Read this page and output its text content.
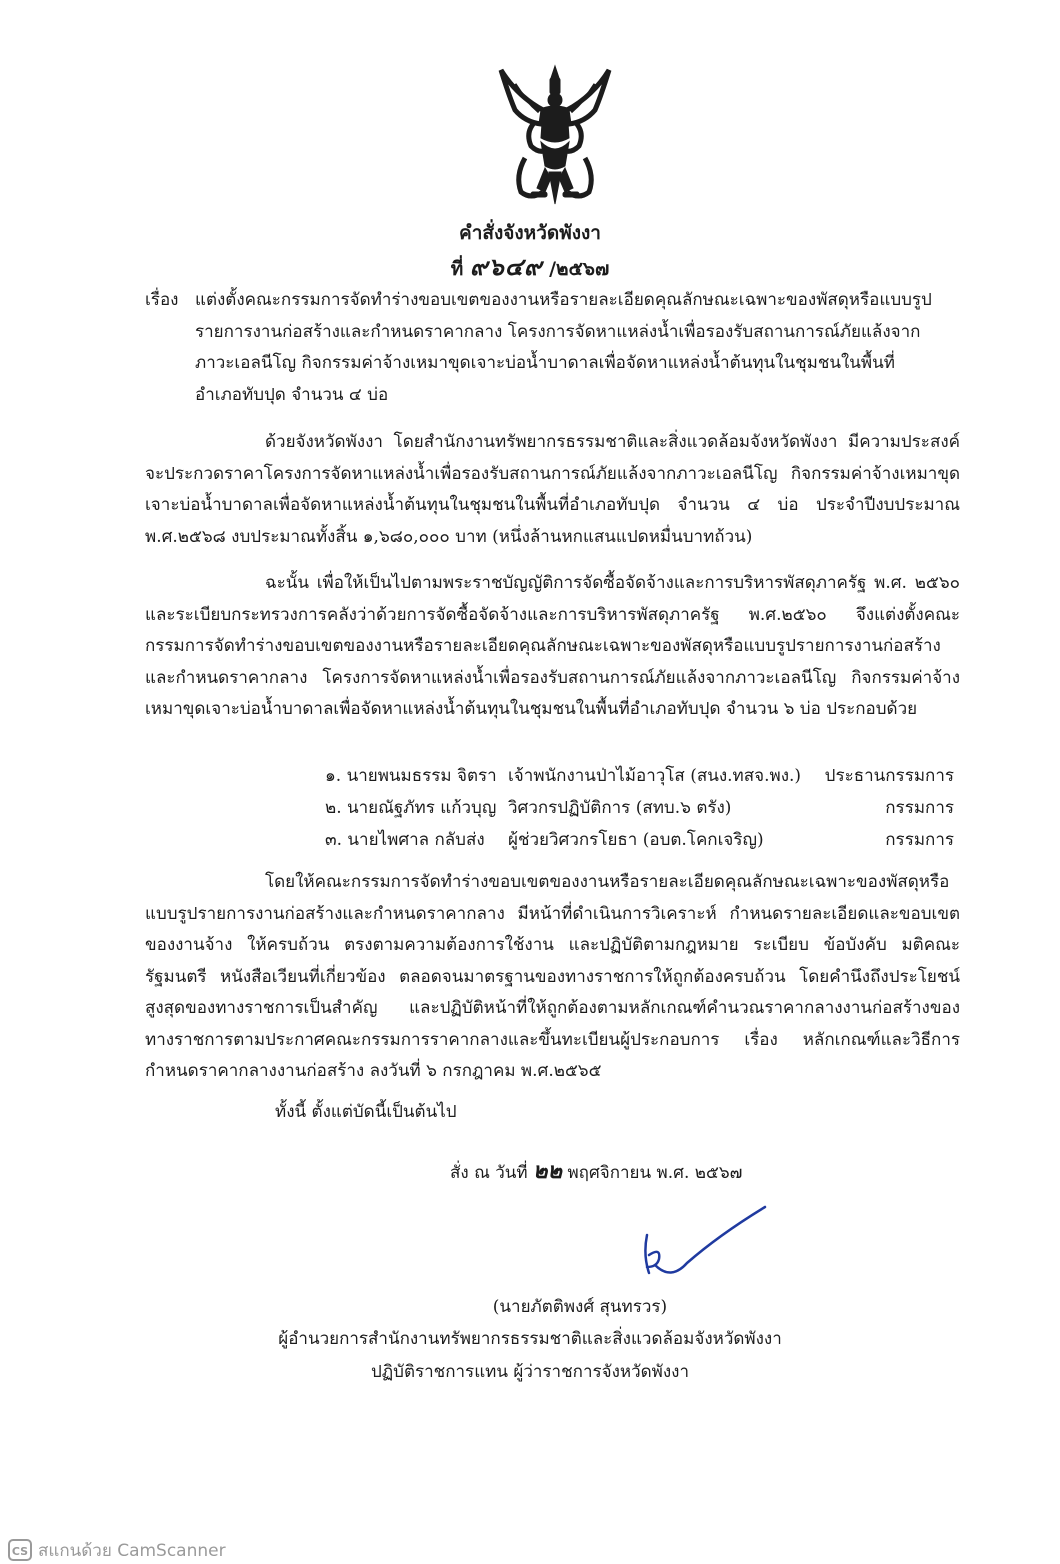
คำสั่งจังหวัดพังงา
ที่ ๙๖๔๙ /๒๕๖๗
เรื่อง แต่งตั้งคณะกรรมการจัดทำร่างขอบเขตของงานหรือรายละเอียดคุณลักษณะเฉพาะของพัสดุหรือแบบรูป
รายการงานก่อสร้างและกำหนดราคากลาง โครงการจัดหาแหล่งน้ำเพื่อรองรับสถานการณ์ภัยแล้งจาก
ภาวะเอลนีโญ กิจกรรมค่าจ้างเหมาขุดเจาะบ่อน้ำบาดาลเพื่อจัดหาแหล่งน้ำต้นทุนในชุมชนในพื้นที่
อำเภอทับปุด จำนวน ๔ บ่อ
ด้วยจังหวัดพังงา โดยสำนักงานทรัพยากรธรรมชาติและสิ่งแวดล้อมจังหวัดพังงา มีความประสงค์จะประกวดราคาโครงการจัดหาแหล่งน้ำเพื่อรองรับสถานการณ์ภัยแล้งจากภาวะเอลนีโญ กิจกรรมค่าจ้างเหมาขุดเจาะบ่อน้ำบาดาลเพื่อจัดหาแหล่งน้ำต้นทุนในชุมชนในพื้นที่อำเภอทับปุด จำนวน ๔ บ่อ ประจำปีงบประมาณ พ.ศ.๒๕๖๘ งบประมาณทั้งสิ้น ๑,๖๘๐,๐๐๐ บาท (หนึ่งล้านหกแสนแปดหมื่นบาทถ้วน)
ฉะนั้น เพื่อให้เป็นไปตามพระราชบัญญัติการจัดซื้อจัดจ้างและการบริหารพัสดุภาครัฐ พ.ศ. ๒๕๖๐ และระเบียบกระทรวงการคลังว่าด้วยการจัดซื้อจัดจ้างและการบริหารพัสดุภาครัฐ พ.ศ.๒๕๖๐ จึงแต่งตั้งคณะกรรมการจัดทำร่างขอบเขตของงานหรือรายละเอียดคุณลักษณะเฉพาะของพัสดุหรือแบบรูปรายการงานก่อสร้างและกำหนดราคากลาง โครงการจัดหาแหล่งน้ำเพื่อรองรับสถานการณ์ภัยแล้งจากภาวะเอลนีโญ กิจกรรมค่าจ้างเหมาขุดเจาะบ่อน้ำบาดาลเพื่อจัดหาแหล่งน้ำต้นทุนในชุมชนในพื้นที่อำเภอทับปุด จำนวน ๖ บ่อ ประกอบด้วย
๑. นายพนมธรรม จิตรา เจ้าพนักงานป่าไม้อาวุโส (สนง.ทสจ.พง.) ประธานกรรมการ
๒. นายณัฐภัทร แก้วบุญ วิศวกรปฏิบัติการ (สทบ.๖ ตรัง)	กรรมการ
๓. นายไพศาล กลับส่ง ผู้ช่วยวิศวกรโยธา (อบต.โคกเจริญ)	กรรมการ
โดยให้คณะกรรมการจัดทำร่างขอบเขตของงานหรือรายละเอียดคุณลักษณะเฉพาะของพัสดุหรือแบบรูปรายการงานก่อสร้างและกำหนดราคากลาง มีหน้าที่ดำเนินการวิเคราะห์ กำหนดรายละเอียดและขอบเขตของงานจ้าง ให้ครบถ้วน ตรงตามความต้องการใช้งาน และปฏิบัติตามกฎหมาย ระเบียบ ข้อบังคับ มติคณะรัฐมนตรี หนังสือเวียนที่เกี่ยวข้อง ตลอดจนมาตรฐานของทางราชการให้ถูกต้องครบถ้วน โดยคำนึงถึงประโยชน์สูงสุดของทางราชการเป็นสำคัญ และปฏิบัติหน้าที่ให้ถูกต้องตามหลักเกณฑ์คำนวณราคากลางงานก่อสร้างของทางราชการตามประกาศคณะกรรมการราคากลางและขึ้นทะเบียนผู้ประกอบการ เรื่อง หลักเกณฑ์และวิธีการกำหนดราคากลางงานก่อสร้าง ลงวันที่ ๖ กรกฎาคม พ.ศ.๒๕๖๕
ทั้งนี้ ตั้งแต่บัดนี้เป็นต้นไป
สั่ง ณ วันที่ ๒๒ พฤศจิกายน พ.ศ. ๒๕๖๗
(นายภัตติพงศ์ สุนทรวร)
ผู้อำนวยการสำนักงานทรัพยากรธรรมชาติและสิ่งแวดล้อมจังหวัดพังงา
ปฏิบัติราชการแทน ผู้ว่าราชการจังหวัดพังงา
CS สแกนด้วย CamScanner
